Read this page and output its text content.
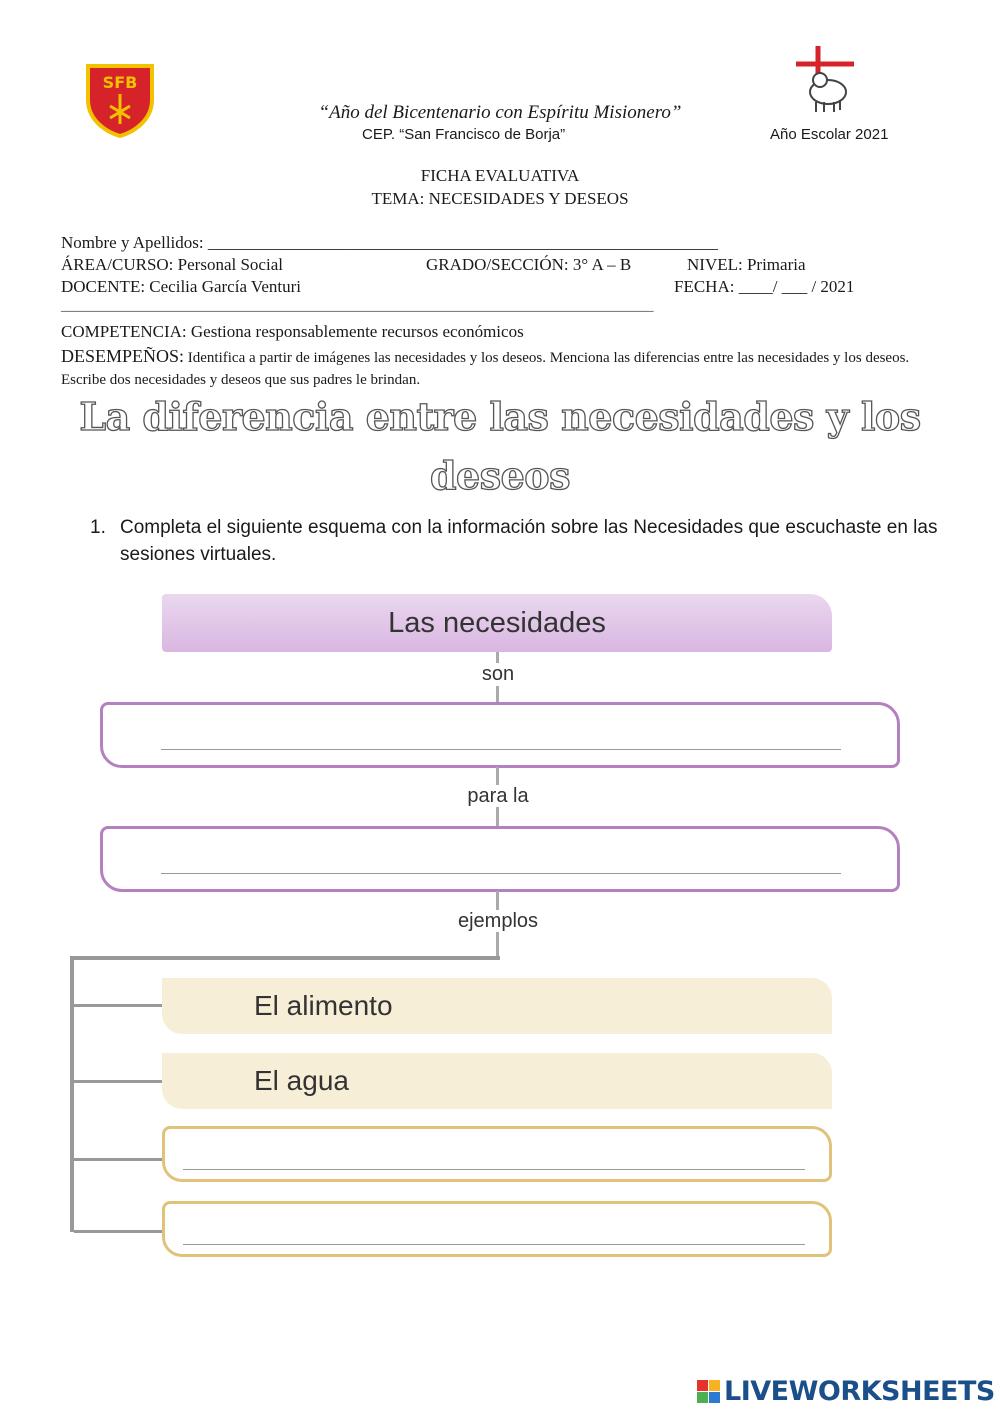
SFB
“Año del Bicentenario con Espíritu Misionero”
CEP. “San Francisco de Borja”	Año Escolar 2021
FICHA EVALUATIVA
TEMA: NECESIDADES Y DESEOS
Nombre y Apellidos: ____________________________________________________________
ÁREA/CURSO: Personal Social	GRADO/SECCIÓN: 3° A – B	NIVEL: Primaria
DOCENTE: Cecilia García Venturi	FECHA: ____/ ___ / 2021
_______________________________________________________________________________
COMPETENCIA: Gestiona responsablemente recursos económicos
DESEMPEÑOS: Identifica a partir de imágenes las necesidades y los deseos. Menciona las diferencias entre las necesidades y los deseos. Escribe dos necesidades y deseos que sus padres le brindan.
La diferencia entre las necesidades y los
deseos
1. Completa el siguiente esquema con la información sobre las Necesidades que escuchaste en las sesiones virtuales.
Las necesidades
son
para la
ejemplos
El alimento
El agua
LIVEWORKSHEETS
